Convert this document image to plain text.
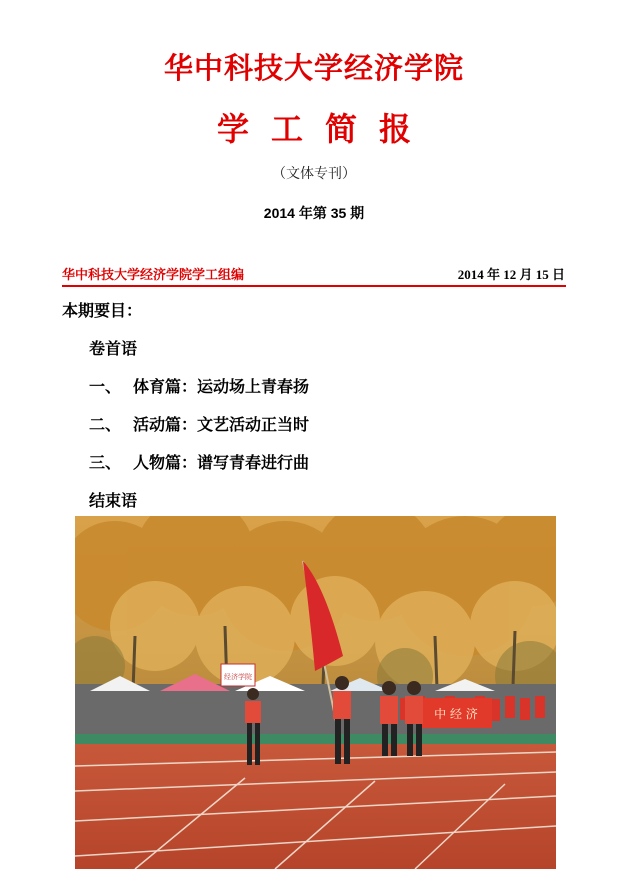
华中科技大学经济学院
学工简报
（文体专刊）
2014 年第 35 期
华中科技大学经济学院学工组编	2014 年 12 月 15 日
本期要目：
卷首语
一、 体育篇：运动场上青春扬
二、 活动篇：文艺活动正当时
三、 人物篇：谱写青春进行曲
结束语
经济学院
中 经 济
